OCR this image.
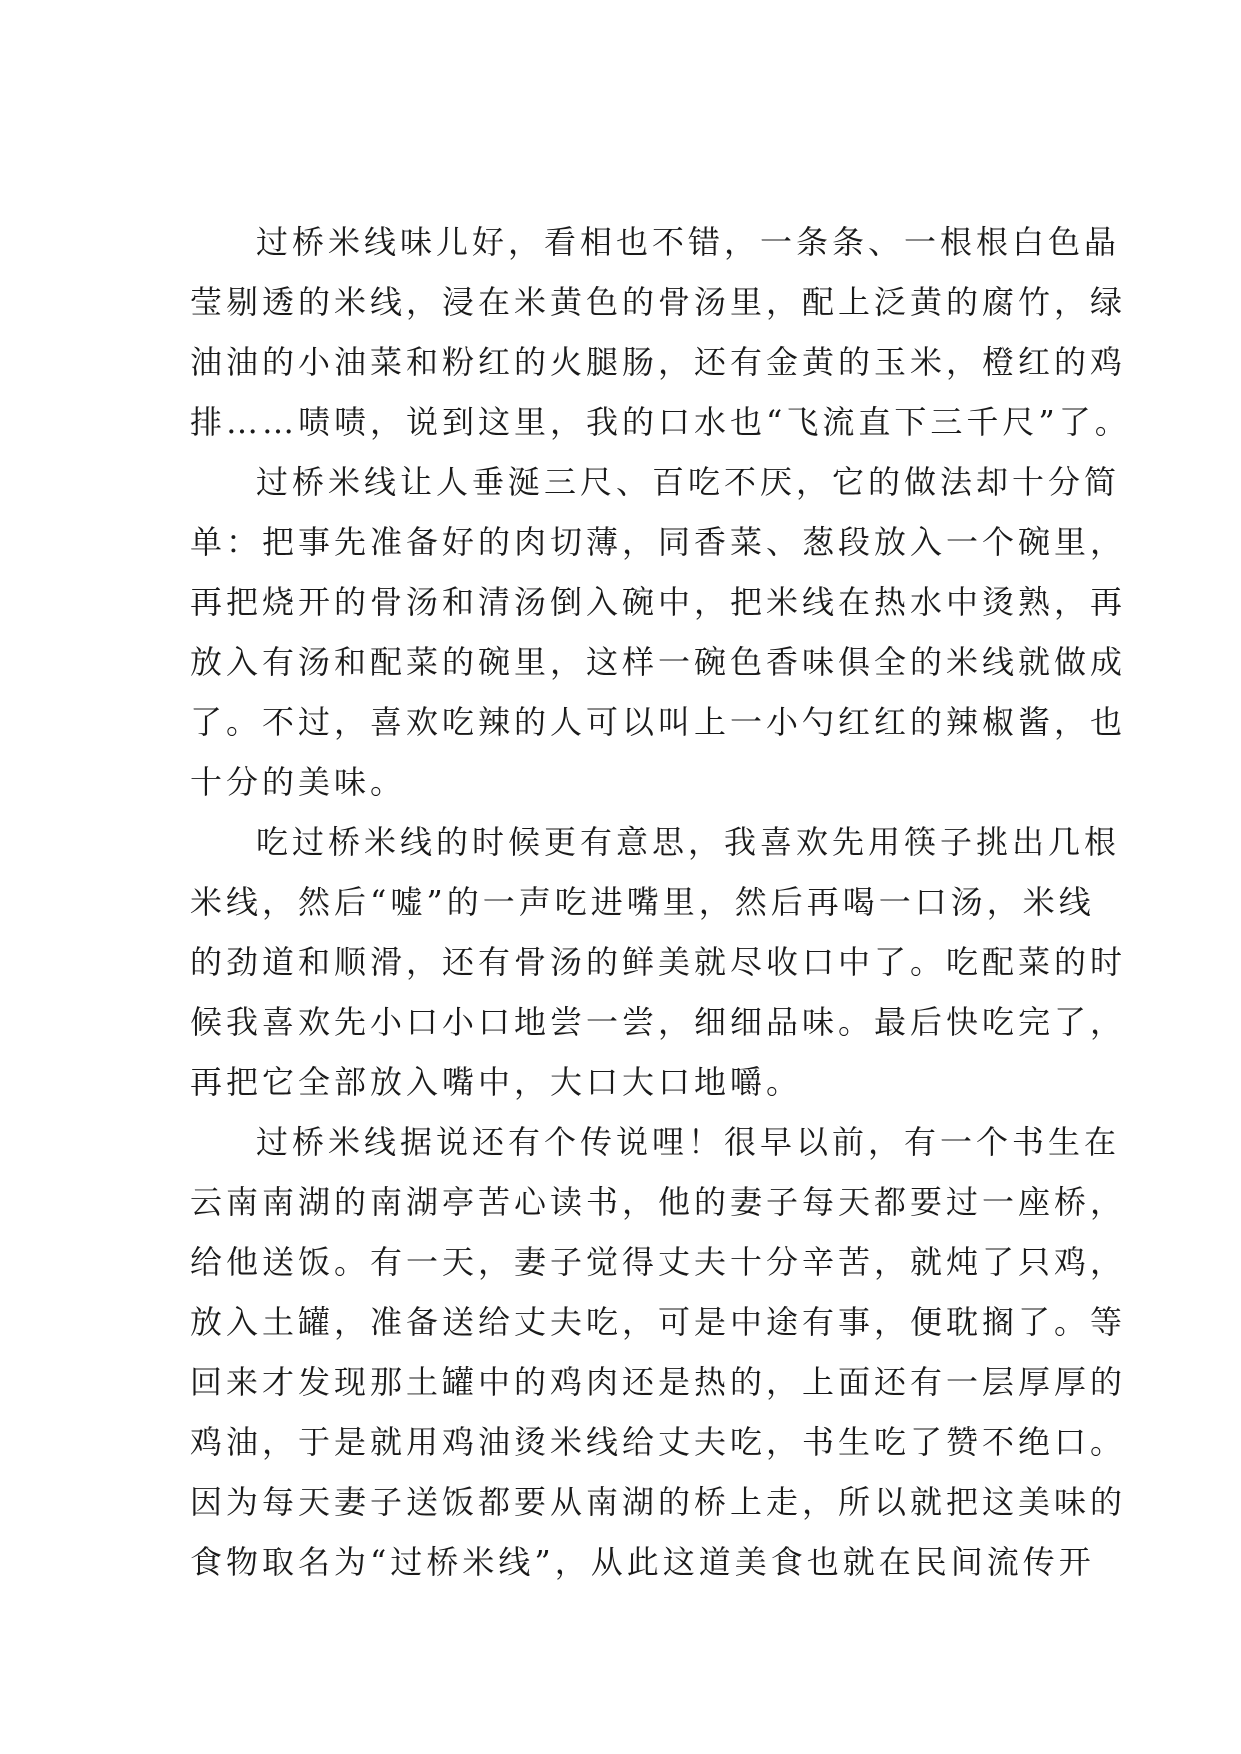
过桥米线味儿好，看相也不错，一条条、一根根白色晶
莹剔透的米线，浸在米黄色的骨汤里，配上泛黄的腐竹，绿
油油的小油菜和粉红的火腿肠，还有金黄的玉米，橙红的鸡
排……啧啧，说到这里，我的口水也“飞流直下三千尺”了。
过桥米线让人垂涎三尺、百吃不厌，它的做法却十分简
单：把事先准备好的肉切薄，同香菜、葱段放入一个碗里，
再把烧开的骨汤和清汤倒入碗中，把米线在热水中烫熟，再
放入有汤和配菜的碗里，这样一碗色香味俱全的米线就做成
了。不过，喜欢吃辣的人可以叫上一小勺红红的辣椒酱，也
十分的美味。
吃过桥米线的时候更有意思，我喜欢先用筷子挑出几根
米线，然后“嘘”的一声吃进嘴里，然后再喝一口汤，米线
的劲道和顺滑，还有骨汤的鲜美就尽收口中了。吃配菜的时
候我喜欢先小口小口地尝一尝，细细品味。最后快吃完了，
再把它全部放入嘴中，大口大口地嚼。
过桥米线据说还有个传说哩！很早以前，有一个书生在
云南南湖的南湖亭苦心读书，他的妻子每天都要过一座桥，
给他送饭。有一天，妻子觉得丈夫十分辛苦，就炖了只鸡，
放入土罐，准备送给丈夫吃，可是中途有事，便耽搁了。等
回来才发现那土罐中的鸡肉还是热的，上面还有一层厚厚的
鸡油，于是就用鸡油烫米线给丈夫吃，书生吃了赞不绝口。
因为每天妻子送饭都要从南湖的桥上走，所以就把这美味的
食物取名为“过桥米线”，从此这道美食也就在民间流传开
